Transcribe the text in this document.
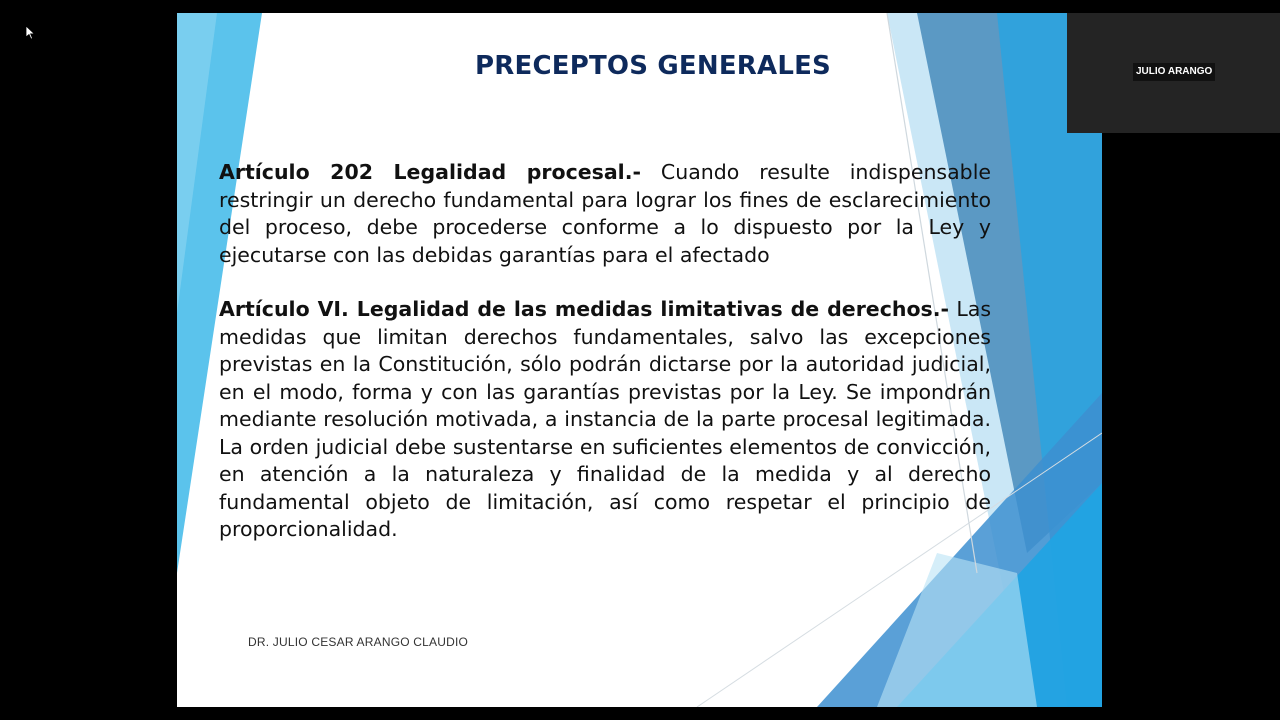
PRECEPTOS GENERALES

Artículo 202 Legalidad procesal.- Cuando resulte indispensable restringir un derecho fundamental para lograr los fines de esclarecimiento del proceso, debe procederse conforme a lo dispuesto por la Ley y ejecutarse con las debidas garantías para el afectado

Artículo VI. Legalidad de las medidas limitativas de derechos.- Las medidas que limitan derechos fundamentales, salvo las excepciones previstas en la Constitución, sólo podrán dictarse por la autoridad judicial, en el modo, forma y con las garantías previstas por la Ley. Se impondrán mediante resolución motivada, a instancia de la parte procesal legitimada. La orden judicial debe sustentarse en suficientes elementos de convicción, en atención a la naturaleza y finalidad de la medida y al derecho fundamental objeto de limitación, así como respetar el principio de proporcionalidad.

DR. JULIO CESAR ARANGO CLAUDIO
JULIO ARANGO
